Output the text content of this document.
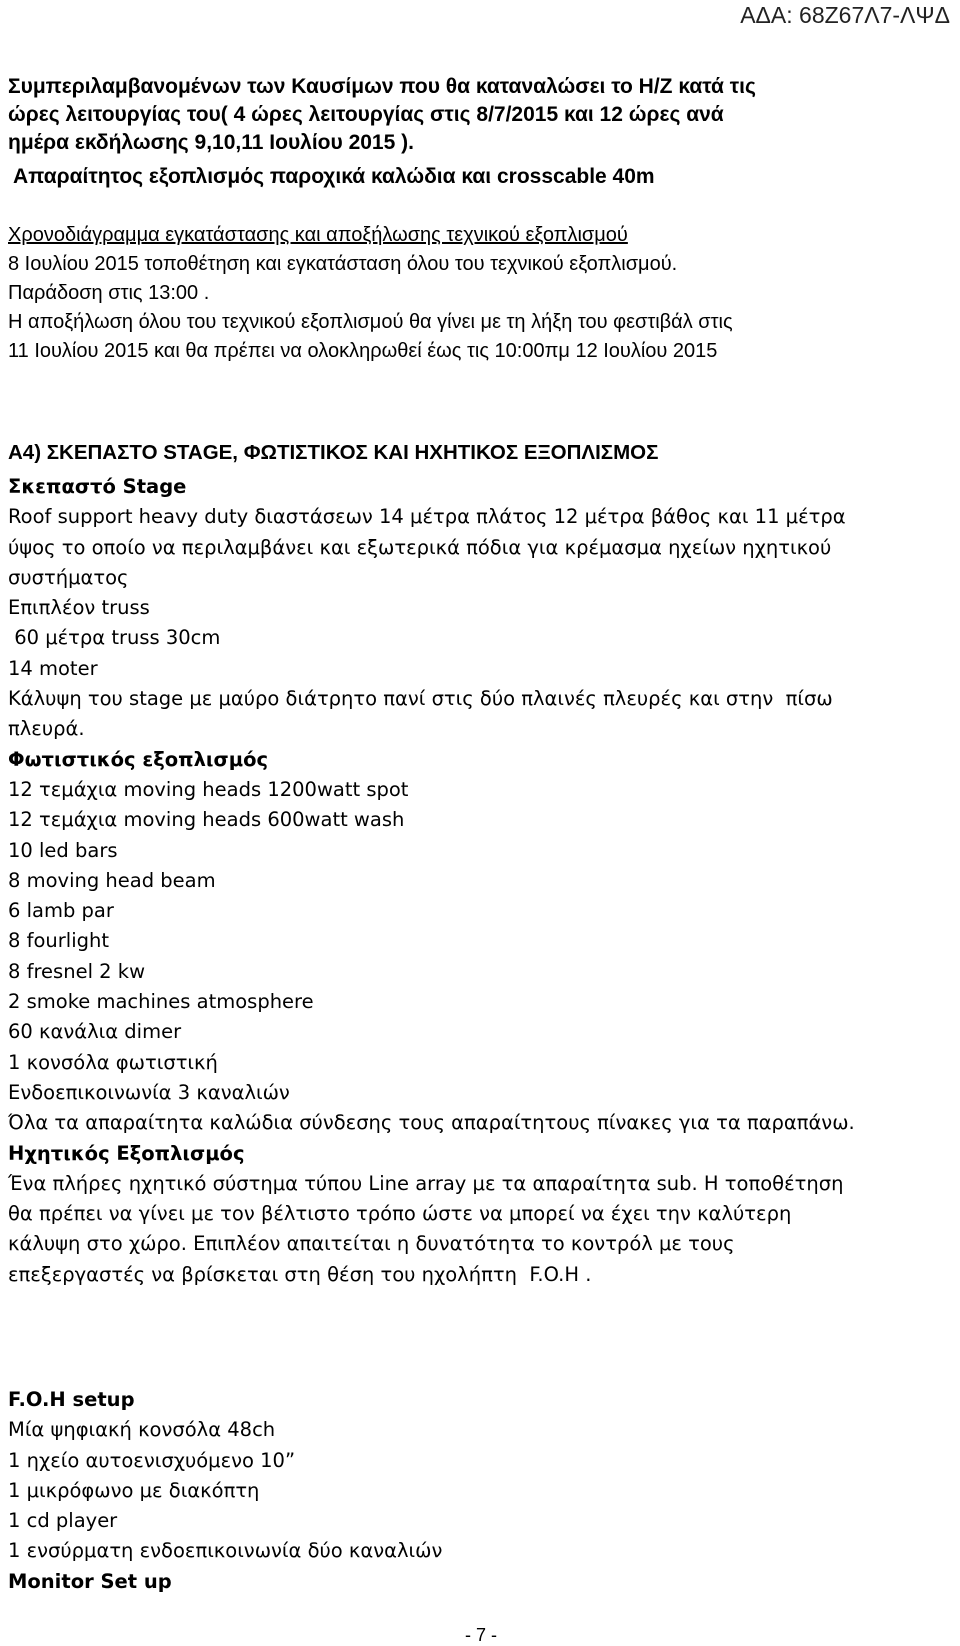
ΑΔΑ: 68Ζ67Λ7-ΛΨΔ
Συμπεριλαμβανομένων των Καυσίμων που θα καταναλώσει το Η/Ζ κατά τις
ώρες λειτουργίας του( 4 ώρες λειτουργίας στις 8/7/2015 και 12 ώρες ανά
ημέρα εκδήλωσης 9,10,11 Ιουλίου 2015 ).
Απαραίτητος εξοπλισμός παροχικά καλώδια και crosscable 40m
Χρονοδιάγραμμα εγκατάστασης και αποξήλωσης τεχνικού εξοπλισμού
8 Ιουλίου 2015 τοποθέτηση και εγκατάσταση όλου του τεχνικού εξοπλισμού.
Παράδοση στις 13:00 .
Η αποξήλωση όλου του τεχνικού εξοπλισμού θα γίνει με τη λήξη του φεστιβάλ στις
11 Ιουλίου 2015 και θα πρέπει να ολοκληρωθεί έως τις 10:00πμ 12 Ιουλίου 2015
Α4) ΣΚΕΠΑΣΤΟ STAGE, ΦΩΤΙΣΤΙΚΟΣ ΚΑΙ ΗΧΗΤΙΚΟΣ ΕΞΟΠΛΙΣΜΟΣ
Σκεπαστό Stage
Roof support heavy duty διαστάσεων 14 μέτρα πλάτος 12 μέτρα βάθος και 11 μέτρα
ύψος το οποίο να περιλαμβάνει και εξωτερικά πόδια για κρέμασμα ηχείων ηχητικού
συστήματος
Επιπλέον truss
60 μέτρα truss 30cm
14 moter
Κάλυψη του stage με μαύρο διάτρητο πανί στις δύο πλαινές πλευρές και στην  πίσω
πλευρά.
Φωτιστικός εξοπλισμός
12 τεμάχια moving heads 1200watt spot
12 τεμάχια moving heads 600watt wash
10 led bars
8 moving head beam
6 lamb par
8 fourlight
8 fresnel 2 kw
2 smoke machines atmosphere
60 κανάλια dimer
1 κονσόλα φωτιστική
Ενδοεπικοινωνία 3 καναλιών
Όλα τα απαραίτητα καλώδια σύνδεσης τους απαραίτητους πίνακες για τα παραπάνω.
Ηχητικός Εξοπλισμός
Ένα πλήρες ηχητικό σύστημα τύπου Line array με τα απαραίτητα sub. Η τοποθέτηση
θα πρέπει να γίνει με τον βέλτιστο τρόπο ώστε να μπορεί να έχει την καλύτερη
κάλυψη στο χώρο. Επιπλέον απαιτείται η δυνατότητα το κοντρόλ με τους
επεξεργαστές να βρίσκεται στη θέση του ηχολήπτη  F.O.H .
F.O.H setup
Μία ψηφιακή κονσόλα 48ch
1 ηχείο αυτοενισχυόμενο 10”
1 μικρόφωνο με διακόπτη
1 cd player
1 ενσύρματη ενδοεπικοινωνία δύο καναλιών
Monitor Set up
- 7 -
